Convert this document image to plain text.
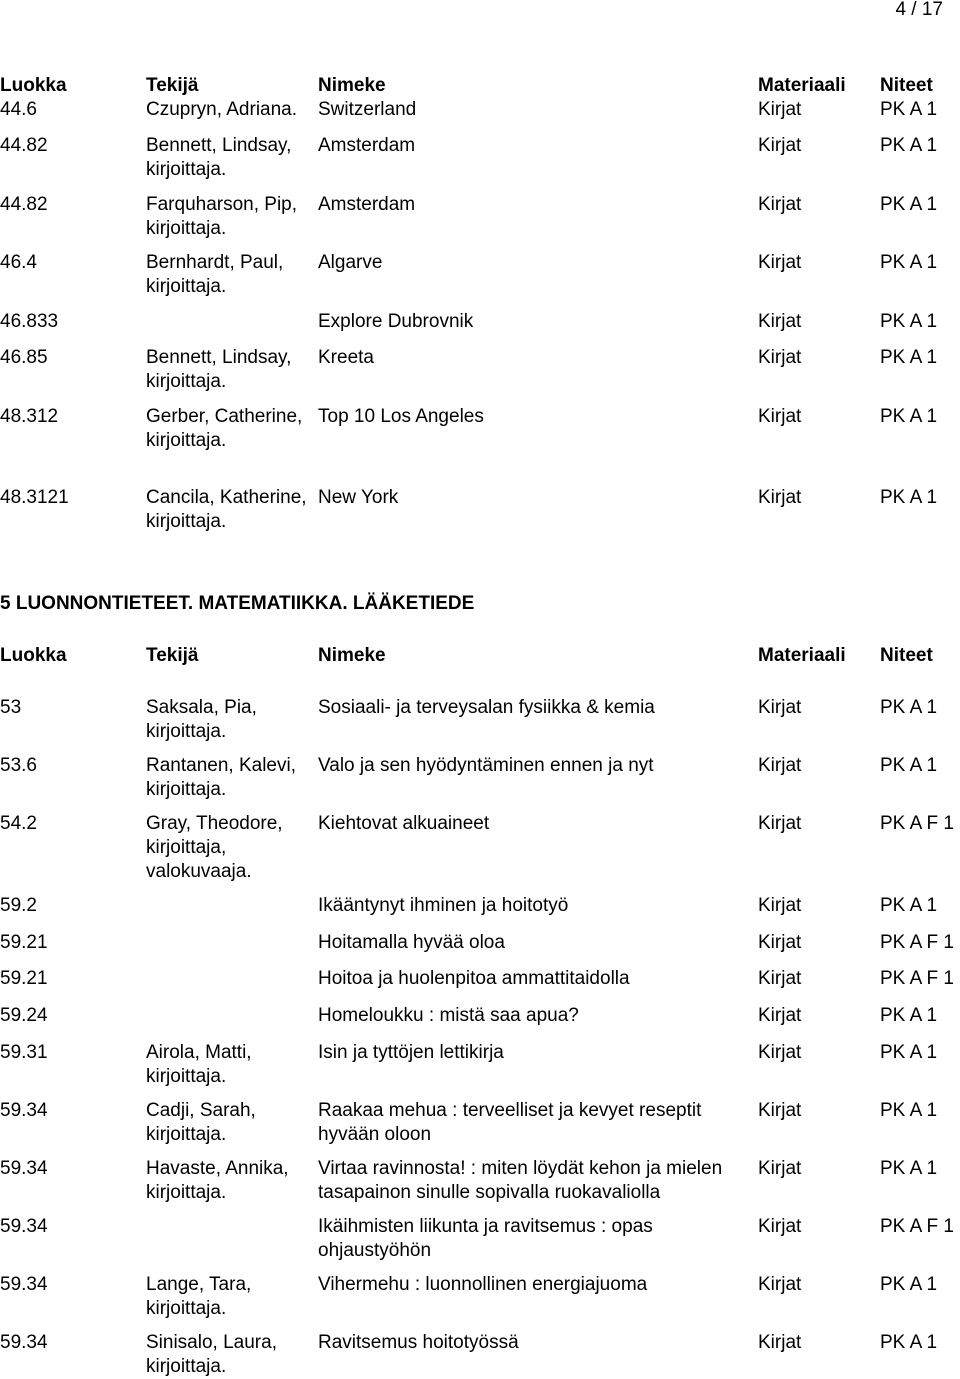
4 / 17
Luokka	Tekijä	Nimeke	Materiaali	Niteet
44.6	Czupryn, Adriana.	Switzerland	Kirjat	PK A 1
44.82	Bennett, Lindsay, kirjoittaja.	Amsterdam	Kirjat	PK A 1
44.82	Farquharson, Pip, kirjoittaja.	Amsterdam	Kirjat	PK A 1
46.4	Bernhardt, Paul, kirjoittaja.	Algarve	Kirjat	PK A 1
46.833		Explore Dubrovnik	Kirjat	PK A 1
46.85	Bennett, Lindsay, kirjoittaja.	Kreeta	Kirjat	PK A 1
48.312	Gerber, Catherine, kirjoittaja.	Top 10 Los Angeles	Kirjat	PK A 1
48.3121	Cancila, Katherine, kirjoittaja.	New York	Kirjat	PK A 1
5 LUONNONTIETEET. MATEMATIIKKA. LÄÄKETIEDE
Luokka	Tekijä	Nimeke	Materiaali	Niteet
53	Saksala, Pia, kirjoittaja.	Sosiaali- ja terveysalan fysiikka & kemia	Kirjat	PK A 1
53.6	Rantanen, Kalevi, kirjoittaja.	Valo ja sen hyödyntäminen ennen ja nyt	Kirjat	PK A 1
54.2	Gray, Theodore, kirjoittaja, valokuvaaja.	Kiehtovat alkuaineet	Kirjat	PK A F 1
59.2		Ikääntynyt ihminen ja hoitotyö	Kirjat	PK A 1
59.21		Hoitamalla hyvää oloa	Kirjat	PK A F 1
59.21		Hoitoa ja huolenpitoa ammattitaidolla	Kirjat	PK A F 1
59.24		Homeloukku : mistä saa apua?	Kirjat	PK A 1
59.31	Airola, Matti, kirjoittaja.	Isin ja tyttöjen lettikirja	Kirjat	PK A 1
59.34	Cadji, Sarah, kirjoittaja.	Raakaa mehua : terveelliset ja kevyet reseptit hyvään oloon	Kirjat	PK A 1
59.34	Havaste, Annika, kirjoittaja.	Virtaa ravinnosta! : miten löydät kehon ja mielen tasapainon sinulle sopivalla ruokavaliolla	Kirjat	PK A 1
59.34		Ikäihmisten liikunta ja ravitsemus : opas ohjaustyöhön	Kirjat	PK A F 1
59.34	Lange, Tara, kirjoittaja.	Vihermehu : luonnollinen energiajuoma	Kirjat	PK A 1
59.34	Sinisalo, Laura, kirjoittaja.	Ravitsemus hoitotyössä	Kirjat	PK A 1
